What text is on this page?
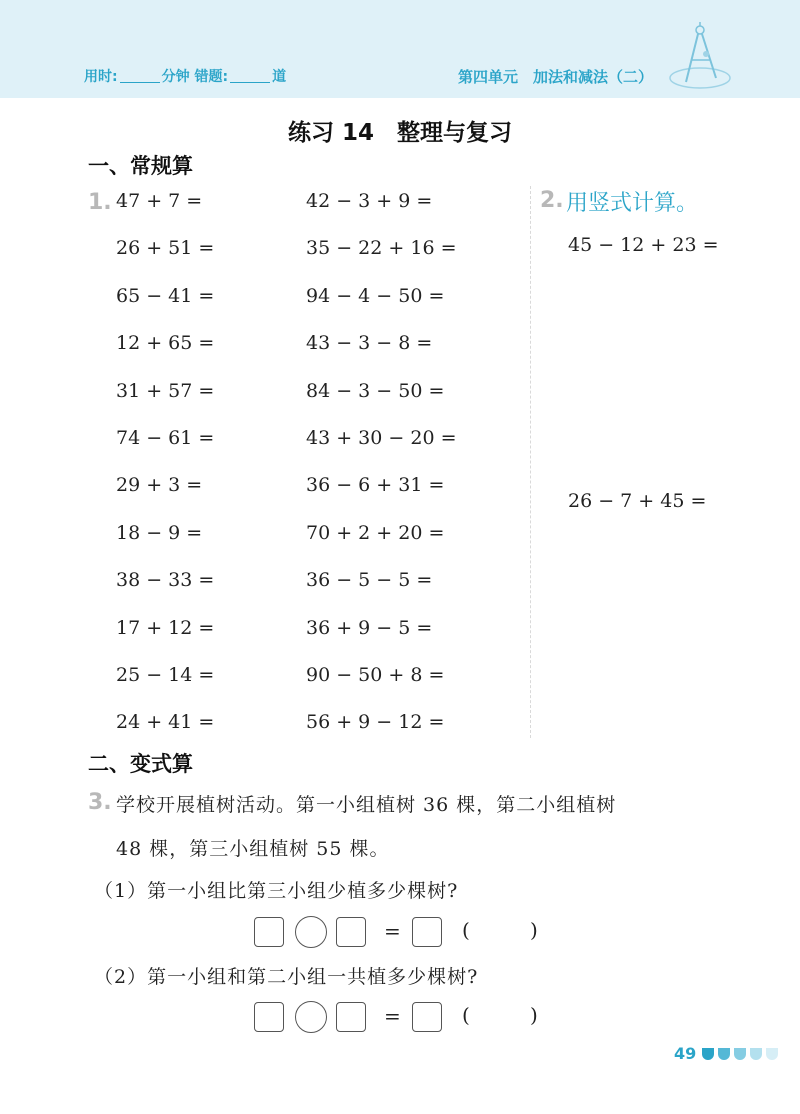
用时:	分钟 错题:	道	第四单元　加法和减法（二）
练习 14　整理与复习
一、常规算
1. 47 + 7 =
26 + 51 =
65 − 41 =
12 + 65 =
31 + 57 =
74 − 61 =
29 + 3 =
18 − 9 =
38 − 33 =
17 + 12 =
25 − 14 =
24 + 41 =
42 − 3 + 9 =
35 − 22 + 16 =
94 − 4 − 50 =
43 − 3 − 8 =
84 − 3 − 50 =
43 + 30 − 20 =
36 − 6 + 31 =
70 + 2 + 20 =
36 − 5 − 5 =
36 + 9 − 5 =
90 − 50 + 8 =
56 + 9 − 12 =
2. 用竖式计算。
45 − 12 + 23 =
26 − 7 + 45 =
二、变式算
3. 学校开展植树活动。第一小组植树 36 棵，第二小组植树
48 棵，第三小组植树 55 棵。
（1）第一小组比第三小组少植多少棵树?
=	(	)
（2）第一小组和第二小组一共植多少棵树?
=	(	)
49
